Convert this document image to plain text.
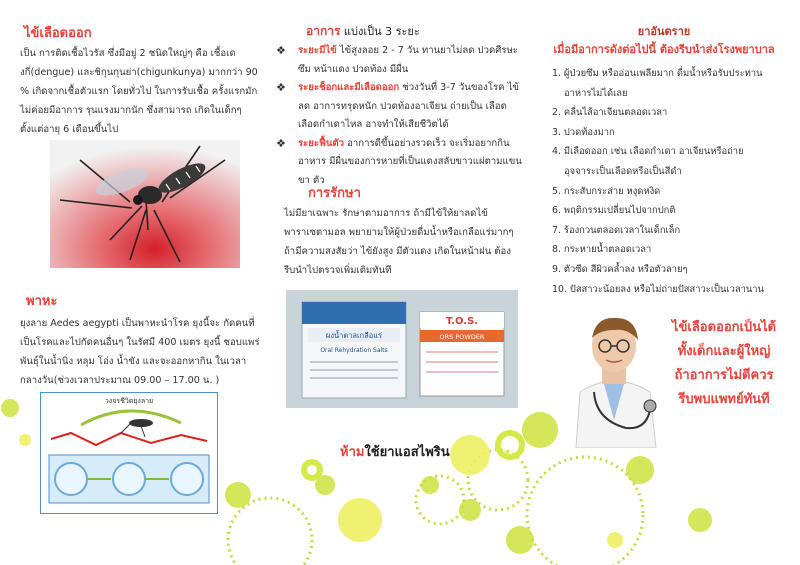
ไข้เลือดออก

เป็น การติดเชื้อไวรัส ซึ่งมีอยู่ 2 ชนิดใหญ่ๆ คือ เชื้อเดงกี่(dengue) และชิกุนกุนย่า(chigunkunya) มากกว่า 90 % เกิดจากเชื้อตัวแรก โดยทั่วไป ในการรับเชื้อ ครั้งแรกมักไม่ค่อยมีอาการ รุนแรงมากนัก ซึ่งสามารถ เกิดในเด็กๆ ตั้งแต่อายุ 6 เดือนขึ้นไป

พาหะ

ยุงลาย Aedes aegypti เป็นพาหะนำโรค ยุงนี้จะ กัดคนที่เป็นโรคและไปกัดคนอื่นๆ ในรัศมี 400 เมตร ยุงนี้ ชอบแพร่พันธุ์ในน้ำนิ่ง หลุม โอ่ง น้ำขัง และจะออกหากิน ในเวลากลางวัน(ช่วงเวลาประมาณ 09.00 – 17.00 น. )

วงจรชีวิตยุงลาย
อาการ แบ่งเป็น 3 ระยะ
❖ ระยะมีไข้ ไข้สูงลอย 2 - 7 วัน ทานยาไม่ลด ปวดศีรษะ ซึม หน้าแดง ปวดท้อง มีผื่น
❖ ระยะช็อกและมีเลือดออก ช่วงวันที่ 3-7 วันของโรค ไข้ลด อาการทรุดหนัก ปวดท้องอาเจียน ถ่ายเป็น เลือด เลือดกำเดาไหล อาจทำให้เสียชีวิตได้
❖ ระยะฟื้นตัว อาการดีขึ้นอย่างรวดเร็ว จะเริ่มอยากกินอาหาร มีผื่นของการหายที่เป็นแดงสลับขาวแผ่ตามแขน ขา ตัว
การรักษา

ไม่มียาเฉพาะ รักษาตามอาการ ถ้ามีไข้ให้ยาลดไข้ พาราเซตามอล พยายามให้ผู้ป่วยดื่มน้ำหรือเกลือแร่มากๆ ถ้ามีความสงสัยว่า ไข้ยังสูง มีตัวแดง เกิดในหน้าฝน ต้องรีบนำไปตรวจเพิ่มเติมทันที

ผงน้ำตาลเกลือแร่
Oral Rehydration Salts
T.O.S.
ORS POWDER
ห้ามใช้ยาแอสไพริน
ยาอันตราย
เมื่อมีอาการดังต่อไปนี้ ต้องรีบนำส่งโรงพยาบาล
1. ผู้ป่วยซึม หรืออ่อนเพลียมาก ดื่มน้ำหรือรับประทาน
อาหารไม่ได้เลย
2. คลื่นไส้อาเจียนตลอดเวลา
3. ปวดท้องมาก
4. มีเลือดออก เช่น เลือดกำเดา อาเจียนหรือถ่าย
อุจจาระเป็นเลือดหรือเป็นสีดำ
5. กระสับกระส่าย หงุดหงิด
6. พฤติกรรมเปลี่ยนไปจากปกติ
7. ร้องกวนตลอดเวลาในเด็กเล็ก
8. กระหายน้ำตลอดเวลา
9. ตัวซีด สีผิวคล้ำลง หรือตัวลายๆ
10. ปัสสาวะน้อยลง หรือไม่ถ่ายปัสสาวะเป็นเวลานาน
ไข้เลือดออกเป็นได้
ทั้งเด็กและผู้ใหญ่
ถ้าอาการไม่ดีควร
รีบพบแพทย์ทันที
